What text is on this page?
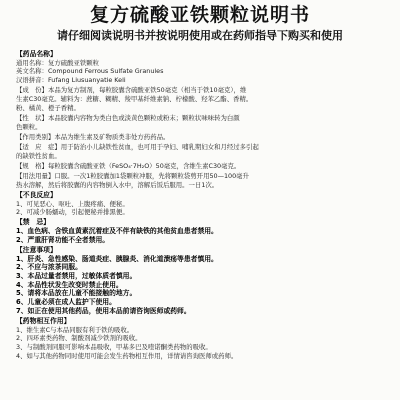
复方硫酸亚铁颗粒说明书
请仔细阅读说明书并按说明使用或在药师指导下购买和使用
【药品名称】
通用名称：复方硫酸亚铁颗粒
英文名称：Compound Ferrous Sulfate Granules
汉语拼音：Fufang Liusuanyatie Keli
【成　份】本品为复方制剂，每粒胶囊含硫酸亚铁50毫克（相当于铁10毫克），维
生素C30毫克。辅料为：蔗糖、糊精、羧甲基纤维素钠、柠檬酸、羟苯乙酯、香精。
粉、橘黄、橙子香精。
【性　状】本品胶囊内容物为类白色或淡黄色颗粒或粉末；颗粒状味味转为白颜
色颗粒。
【作用类别】本品为维生素及矿物质类非处方药药品。
【适　应　症】用于防治小儿缺铁性贫血，也可用于孕妇、哺乳期妇女和月经过多引起
的缺铁性贫血。
【规　格】每粒胶囊含硫酸亚铁（FeSO₄·7H₂O）50毫克，含维生素C30毫克。
【用法用量】口服。一次1粒胶囊加1袋颗粒冲服，先将颗粒袋剪开用50—100毫升
热水溶解，然后将胶囊的内容物倒入水中，溶解后饭后服用。一日1次。
【不良反应】
1、可见恶心、呕吐、上腹疼痛、便秘。
2、可减少肠蠕动，引起便秘并排黑便。
【禁　忌】
1、血色病、含铁血黄素沉着症及不伴有缺铁的其他贫血患者禁用。
2、严重肝肾功能不全者禁用。
【注意事项】
1、肝炎、急性感染、肠道炎症、胰腺炎、消化道溃疡等患者慎用。
2、不应与浓茶同服。
3、本品过量者禁用，过敏体质者慎用。
4、本品性状发生改变时禁止使用。
5、请将本品放在儿童不能接触的地方。
6、儿童必须在成人监护下使用。
7、如正在使用其他药品，使用本品前请咨询医师或药师。
【药物相互作用】
1、维生素C与本品同服有利于铁的吸收。
2、四环素类药物、制酸剂减少铁剂的吸收。
3、与制酸剂同服可影响本品吸收，甲基多巴及喹诺酮类药物的吸收。
4、如与其他药物同时使用可能会发生药物相互作用，详情请咨询医师或药师。
